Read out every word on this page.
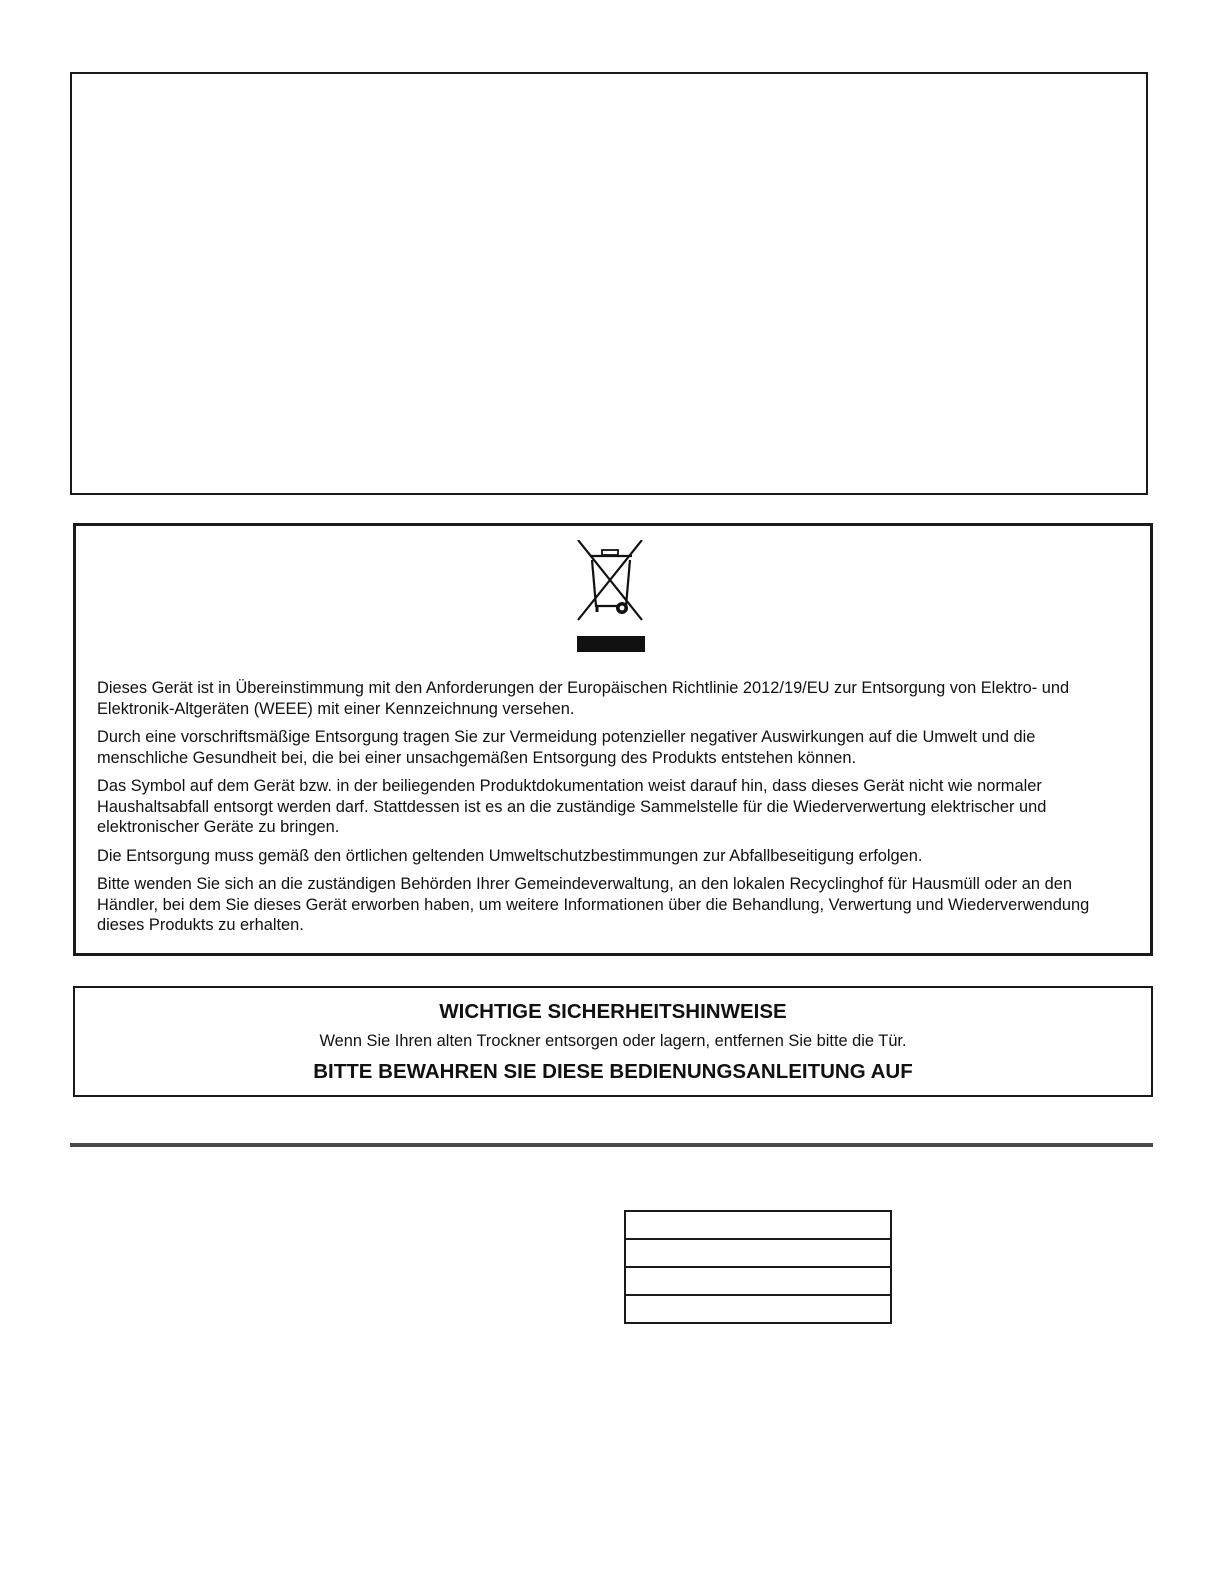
Dieses Gerät ist in Übereinstimmung mit den Anforderungen der Europäischen Richtlinie 2012/19/EU zur Entsorgung von Elektro- und Elektronik-Altgeräten (WEEE) mit einer Kennzeichnung versehen.

Durch eine vorschriftsmäßige Entsorgung tragen Sie zur Vermeidung potenzieller negativer Auswirkungen auf die Umwelt und die menschliche Gesundheit bei, die bei einer unsachgemäßen Entsorgung des Produkts entstehen können.

Das Symbol auf dem Gerät bzw. in der beiliegenden Produktdokumentation weist darauf hin, dass dieses Gerät nicht wie normaler Haushaltsabfall entsorgt werden darf. Stattdessen ist es an die zuständige Sammelstelle für die Wiederverwertung elektrischer und elektronischer Geräte zu bringen.

Die Entsorgung muss gemäß den örtlichen geltenden Umweltschutzbestimmungen zur Abfallbeseitigung erfolgen.

Bitte wenden Sie sich an die zuständigen Behörden Ihrer Gemeindeverwaltung, an den lokalen Recyclinghof für Hausmüll oder an den Händler, bei dem Sie dieses Gerät erworben haben, um weitere Informationen über die Behandlung, Verwertung und Wiederverwendung dieses Produkts zu erhalten.

WICHTIGE SICHERHEITSHINWEISE
Wenn Sie Ihren alten Trockner entsorgen oder lagern, entfernen Sie bitte die Tür.
BITTE BEWAHREN SIE DIESE BEDIENUNGSANLEITUNG AUF
